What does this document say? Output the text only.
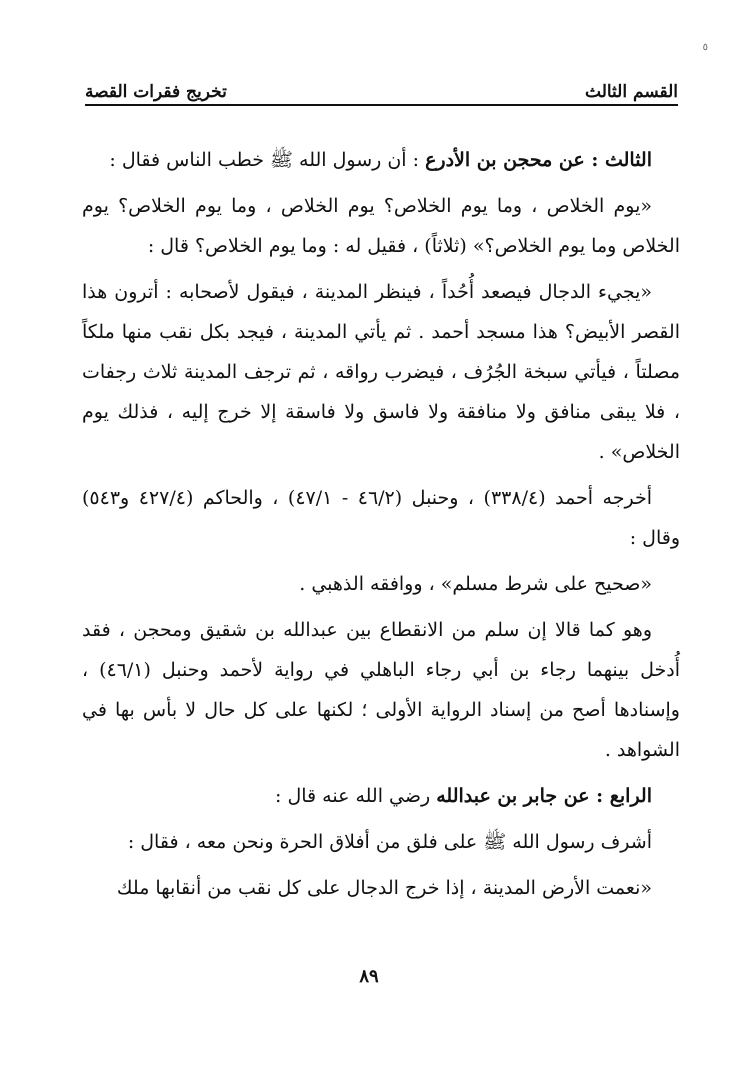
٥
القسم الثالث
تخريج فقرات القصة

الثالث : عن محجن بن الأدرع : أن رسول الله ﷺ خطب الناس فقال :

«يوم الخلاص ، وما يوم الخلاص؟ يوم الخلاص ، وما يوم الخلاص؟ يوم الخلاص وما يوم الخلاص؟» (ثلاثاً) ، فقيل له : وما يوم الخلاص؟ قال :

«يجيء الدجال فيصعد أُحُداً ، فينظر المدينة ، فيقول لأصحابه : أترون هذا القصر الأبيض؟ هذا مسجد أحمد . ثم يأتي المدينة ، فيجد بكل نقب منها ملكاً مصلتاً ، فيأتي سبخة الجُرُف ، فيضرب رواقه ، ثم ترجف المدينة ثلاث رجفات ، فلا يبقى منافق ولا منافقة ولا فاسق ولا فاسقة إلا خرج إليه ، فذلك يوم الخلاص» .

أخرجه أحمد (٣٣٨/٤) ، وحنبل (٤٦/٢ - ٤٧/١) ، والحاكم (٤٢٧/٤ و٥٤٣) وقال :

«صحيح على شرط مسلم» ، ووافقه الذهبي .

وهو كما قالا إن سلم من الانقطاع بين عبدالله بن شقيق ومحجن ، فقد أُدخل بينهما رجاء بن أبي رجاء الباهلي في رواية لأحمد وحنبل (٤٦/١) ، وإسنادها أصح من إسناد الرواية الأولى ؛ لكنها على كل حال لا بأس بها في الشواهد .

الرابع : عن جابر بن عبدالله رضي الله عنه قال :

أشرف رسول الله ﷺ على فلق من أفلاق الحرة ونحن معه ، فقال :

«نعمت الأرض المدينة ، إذا خرج الدجال على كل نقب من أنقابها ملك

٨٩
